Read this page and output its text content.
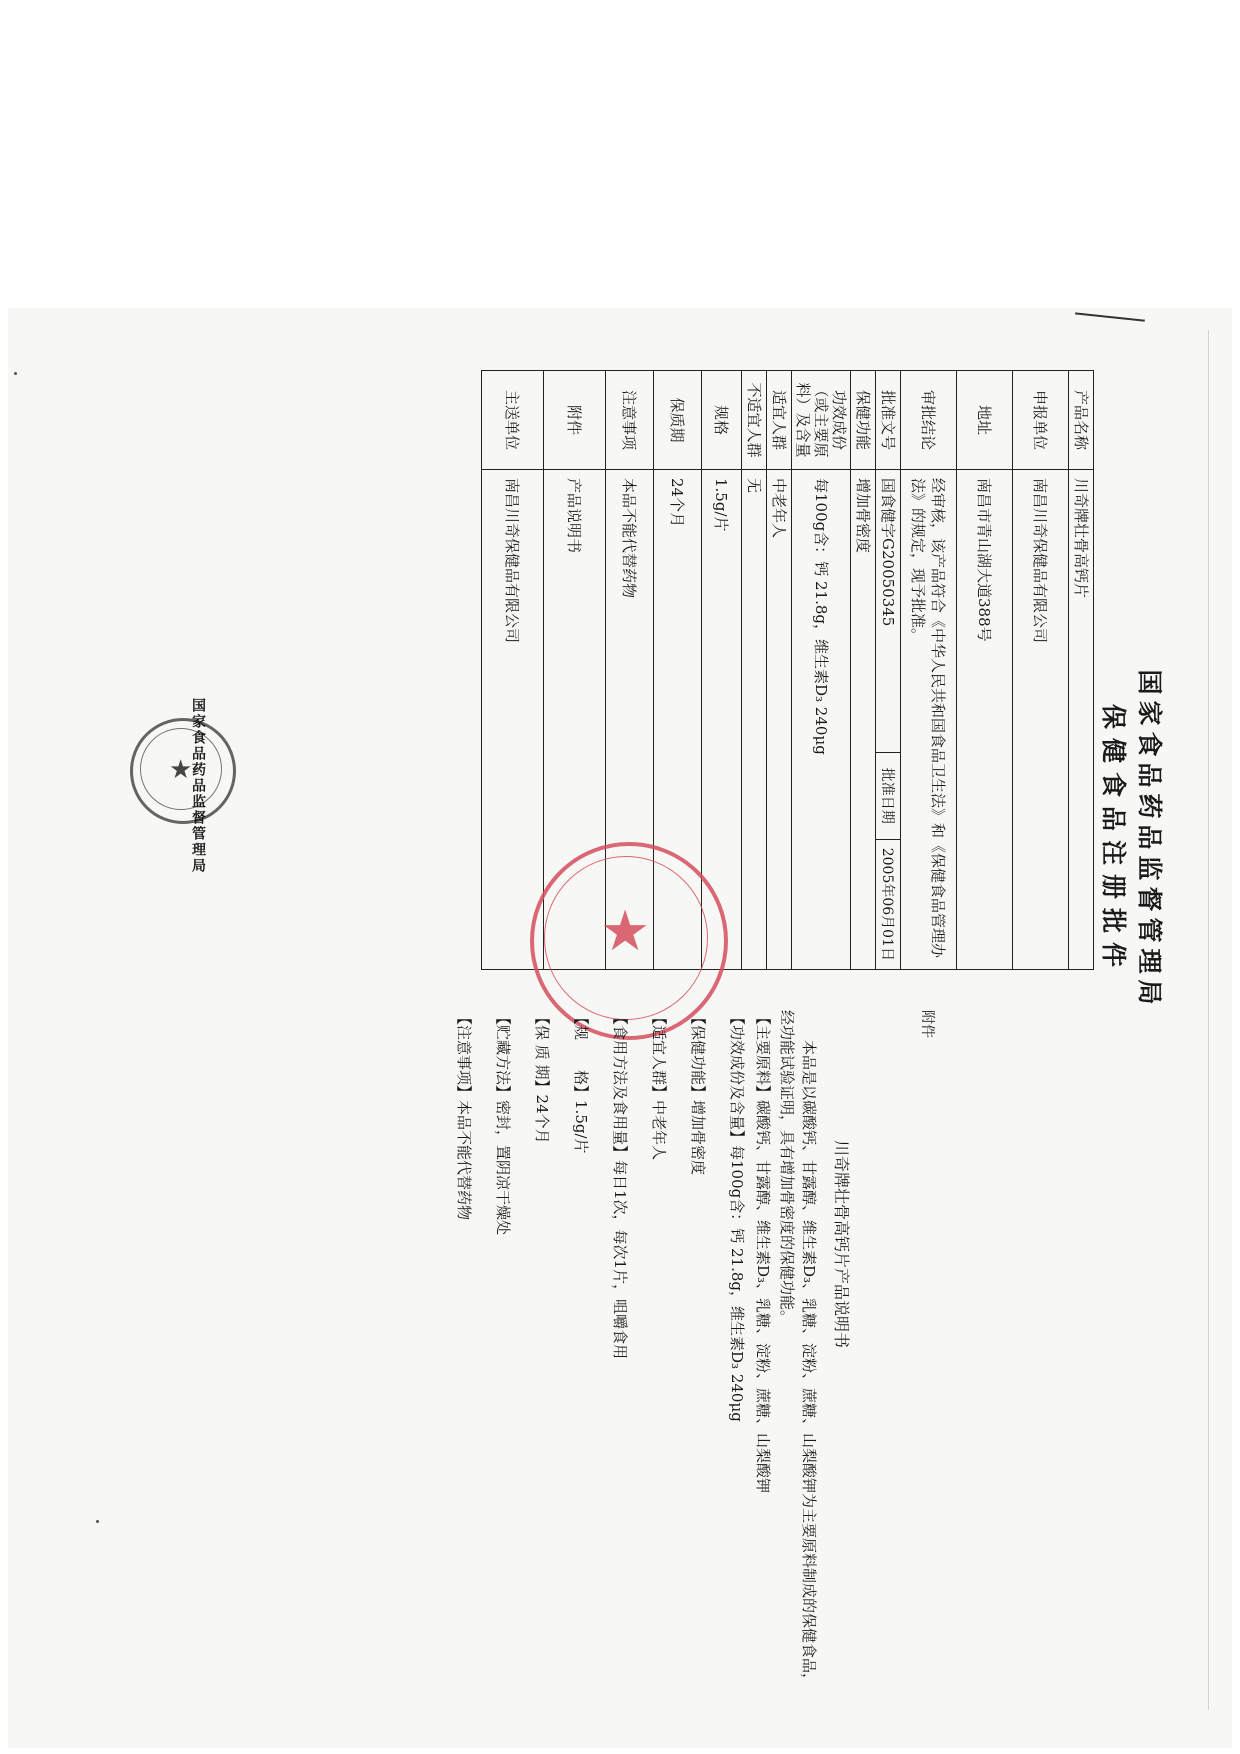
国家食品药品监督管理局
保健食品注册批件
产品名称	川奇牌壮骨高钙片		
申报单位	南昌川奇保健品有限公司		
地址	南昌市青山湖大道388号		
审批结论	经审核，该产品符合《中华人民共和国食品卫生法》和《保健食品管理办法》的规定，现予批准。		
批准文号	国食健字G20050345	批准日期	2005年06月01日
保健功能	增加骨密度		
功效成份（或主要原料）及含量	每100g含：钙 21.8g，维生素D₃ 240μg		
适宜人群	中老年人		
不适宜人群	无		
规格	1.5g/片		
保质期	24个月		
注意事项	本品不能代替药物		
附件	产品说明书		
主送单位	南昌川奇保健品有限公司		
★
国家食品药品监督管理局
★
附件
川奇牌壮骨高钙片产品说明书

本品是以碳酸钙、甘露醇、维生素D₃、乳糖、淀粉、蔗糖、山梨酸钾为主要原料制成的保健食品，经功能试验证明，具有增加骨密度的保健功能。

【主要原料】碳酸钙、甘露醇、维生素D₃、乳糖、淀粉、蔗糖、山梨酸钾
【功效成份及含量】每100g含：钙 21.8g，维生素D₃ 240μg
【保健功能】增加骨密度
【适宜人群】中老年人
【食用方法及食用量】每日1次，每次1片，咀嚼食用
【规　　格】1.5g/片
【保 质 期】24个月
【贮藏方法】密封，置阴凉干燥处
【注意事项】本品不能代替药物
